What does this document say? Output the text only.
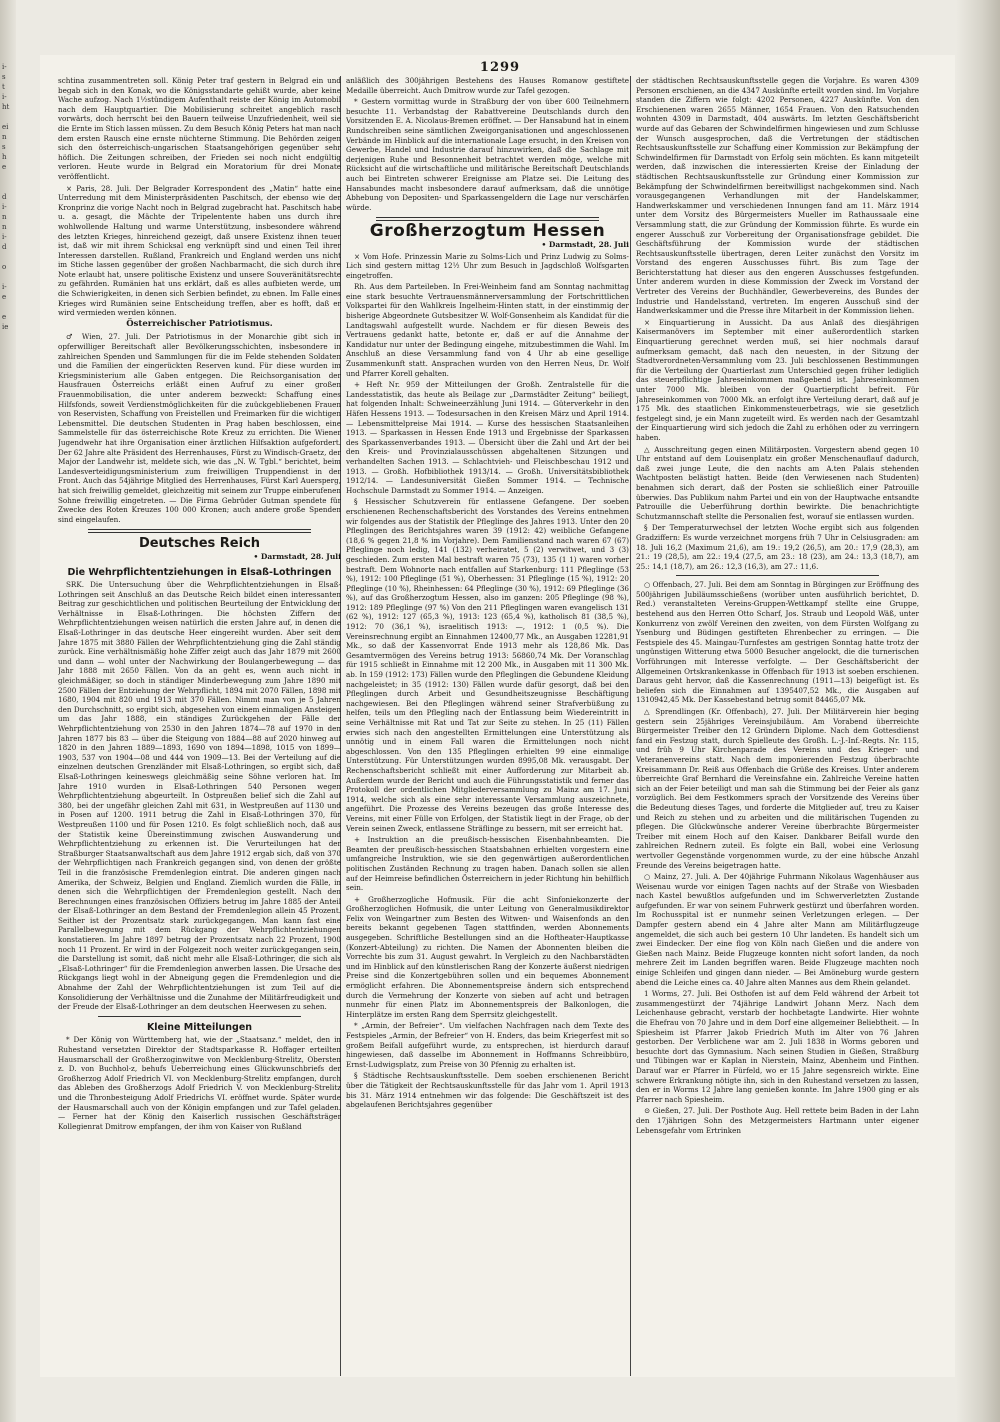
i-
s
t
i-
ht

ei
n
s
h
e

d
i-
n
n
i-
d

o

i-
e

e
ie
1299

schtina zusammentreten soll. König Peter traf gestern in Belgrad ein und begab sich in den Konak, wo die Königsstandarte gehißt wurde, aber keine Wache aufzog. Nach 1½stündigem Aufenthalt reiste der König im Automobil nach dem Hauptquartier. Die Mobilisierung schreitet angeblich rasch vorwärts, doch herrscht bei den Bauern teilweise Unzufriedenheit, weil sie die Ernte im Stich lassen müssen. Zu dem Besuch König Peters hat man nach dem ersten Rausch eine ernste nüchterne Stimmung. Die Behörden zeigen sich den österreichisch-ungarischen Staatsangehörigen gegenüber sehr höflich. Die Zeitungen schreiben, der Frieden sei noch nicht endgültig verloren. Heute wurde in Belgrad ein Moratorium für drei Monate veröffentlicht.

× Paris, 28. Juli. Der Belgrader Korrespondent des „Matin“ hatte eine Unterredung mit dem Ministerpräsidenten Paschitsch, der ebenso wie der Kronprinz die vorige Nacht noch in Belgrad zugebracht hat. Paschitsch habe u. a. gesagt, die Mächte der Tripelentente haben uns durch ihre wohlwollende Haltung und warme Unterstützung, insbesondere während des letzten Krieges, hinreichend gezeigt, daß unsere Existenz ihnen teuer ist, daß wir mit ihrem Schicksal eng verknüpft sind und einen Teil ihrer Interessen darstellen. Rußland, Frankreich und England werden uns nicht im Stiche lassen gegenüber der großen Nachbarmacht, die sich durch ihre Note erlaubt hat, unsere politische Existenz und unsere Souveränitätsrechte zu gefährden. Rumänien hat uns erklärt, daß es alles aufbieten werde, um die Schwierigkeiten, in denen sich Serbien befindet, zu ebnen. Im Falle eines Krieges wird Rumänien seine Entscheidung treffen, aber es hofft, daß er wird vermieden werden können.

Österreichischer Patriotismus.

♂ Wien, 27. Juli. Der Patriotismus in der Monarchie gibt sich in opferwilliger Bereitschaft aller Bevölkerungsschichten, insbesondere in zahlreichen Spenden und Sammlungen für die im Felde stehenden Soldaten und die Familien der eingerückten Reserven kund. Für diese wurden im Kriegsministerium alle Gaben entgegen. Die Reichsorganisation der Hausfrauen Österreichs erläßt einen Aufruf zu einer großen Frauenmobilisation, die unter anderem bezweckt: Schaffung eines Hilfsfonds, soweit Verdienstmöglichkeiten für die zuückgebliebenen Frauen von Reservisten, Schaffung von Freistellen und Freimarken für die wichtigen Lebensmittel. Die deutschen Studenten in Prag haben beschlossen, eine Sammelstelle für das österreichische Rote Kreuz zu errichten. Die Wiener Jugendwehr hat ihre Organisation einer ärztlichen Hilfsaktion aufgefordert. Der 62 Jahre alte Präsident des Herrenhauses, Fürst zu Windisch-Graetz, der Major der Landwehr ist, meldete sich, wie das „N. W. Tgbl.“ berichtet, beim Landesverteidigungsministerium zum freiwilligen Truppendienst in der Front. Auch das 54jährige Mitglied des Herrenhauses, Fürst Karl Auersperg, hat sich freiwillig gemeldet, gleichzeitig mit seinem zur Truppe einberufenen Sohne freiwillig eingetreten. — Die Firma Gebrüder Gutman spendete für Zwecke des Roten Kreuzes 100 000 Kronen; auch andere große Spenden sind eingelaufen.

Deutsches Reich
• Darmstadt, 28. Juli
Die Wehrpflichtentziehungen in Elsaß-Lothringen

SRK. Die Untersuchung über die Wehrpflichtentziehungen in Elsaß-Lothringen seit Anschluß an das Deutsche Reich bildet einen interessanten Beitrag zur geschichtlichen und politischen Beurteilung der Entwicklung der Verhältnisse in Elsaß-Lothringen. Die höchsten Ziffern der Wehrpflichtentziehungen weisen natürlich die ersten Jahre auf, in denen die Elsaß-Lothringer in das deutsche Heer eingereiht wurden. Aber seit dem Jahre 1875 mit 3880 Fällen der Wehrpflichtentziehung ging die Zahl ständig zurück. Eine verhältnismäßig hohe Ziffer zeigt auch das Jahr 1879 mit 2600 und dann — wohl unter der Nachwirkung der Boulangerbewegung — das Jahr 1888 mit 2650 Fällen. Von da an geht es, wenn auch nicht in gleichmäßiger, so doch in ständiger Minderbewegung zum Jahre 1890 mit 2500 Fällen der Entziehung der Wehrpflicht, 1894 mit 2070 Fällen, 1898 mit 1680, 1904 mit 820 und 1913 mit 370 Fällen. Nimmt man von je 5 Jahren den Durchschnitt, so ergibt sich, abgesehen von einem einmaligen Ansteigen um das Jahr 1888, ein ständiges Zurückgehen der Fälle der Wehrpflichtentziehung von 2530 in den Jahren 1874—78 auf 1970 in den Jahren 1877 bis 83 — über die Steigung von 1884—88 auf 2020 hinweg auf 1820 in den Jahren 1889—1893, 1690 von 1894—1898, 1015 von 1899—1903, 537 von 1904—08 und 444 von 1909—13. Bei der Verteilung auf die einzelnen deutschen Grenzländer mit Elsaß-Lothringen, so ergibt sich, daß Elsaß-Lothringen keineswegs gleichmäßig seine Söhne verloren hat. Im Jahre 1910 wurden in Elsaß-Lothringen 540 Personen wegen Wehrpflichtentziehung abgeurteilt. In Ostpreußen belief sich die Zahl auf 380, bei der ungefähr gleichen Zahl mit 631, in Westpreußen auf 1130 und in Posen auf 1200. 1911 betrug die Zahl in Elsaß-Lothringen 370, für Westpreußen 1100 und für Posen 1210. Es folgt schließlich noch, daß aus der Statistik keine Übereinstimmung zwischen Auswanderung und Wehrpflichtentziehung zu erkennen ist. Die Verurteilungen hat der Straßburger Staatsanwaltschaft aus dem Jahre 1912 ergab sich, daß von 370 der Wehrpflichtigen nach Frankreich gegangen sind, von denen der größte Teil in die französische Fremdenlegion eintrat. Die anderen gingen nach Amerika, der Schweiz, Belgien und England. Ziemlich wurden die Fälle, in denen sich die Wehrpflichtigen der Fremdenlegion gestellt. Nach den Berechnungen eines französischen Offiziers betrug im Jahre 1885 der Anteil der Elsaß-Lothringer an dem Bestand der Fremdenlegion allein 45 Prozent. Seither ist der Prozentsatz stark zurückgegangen. Man kann fast eine Parallelbewegung mit dem Rückgang der Wehrpflichtentziehungen konstatieren. Im Jahre 1897 betrug der Prozentsatz nach 22 Prozent, 1900 noch 11 Prozent. Er wird in der Folgezeit noch weiter zurückgegangen sein, die Darstellung ist somit, daß nicht mehr alle Elsaß-Lothringer, die sich als „Elsaß-Lothringer“ für die Fremdenlegion anwerben lassen. Die Ursache des Rückgangs liegt wohl in der Abneigung gegen die Fremdenlegion und die Abnahme der Zahl der Wehrpflichtentziehungen ist zum Teil auf die Konsolidierung der Verhältnisse und die Zunahme der Militärfreudigkeit und der Freude der Elsaß-Lothringer an dem deutschen Heerwesen zu sehen.

Kleine Mitteilungen

* Der König von Württemberg hat, wie der „Staatsanz.“ meldet, den in Ruhestand versetzten Direktor der Stadtsparkasse R. Hoffager erteilten Hausmarschall der Großherzoginwitwe von Mecklenburg-Strelitz, Obersten z. D. von Buchhol-z, behufs Ueberreichung eines Glückwunschbriefs der Großherzog Adolf Friedrich VI. von Mecklenburg-Strelitz empfangen, durch das Ableben des Großherzogs Adolf Friedrich V. von Mecklenburg-Strelitz und die Thronbesteigung Adolf Friedrichs VI. eröffnet wurde. Später wurde der Hausmarschall auch von der Königin empfangen und zur Tafel geladen. — Ferner hat der König den Kaiserlich russischen Geschäftsträger Kollegienrat Dmitrow empfangen, der ihm von Kaiser von Rußland

anläßlich des 300jährigen Bestehens des Hauses Romanow gestiftete Medaille überreicht. Auch Dmitrow wurde zur Tafel gezogen.

* Gestern vormittag wurde in Straßburg der von über 600 Teilnehmern besuchte 11. Verbandstag der Rabattvereine Deutschlands durch den Vorsitzenden E. A. Nicolaus-Bremen eröffnet. — Der Hansabund hat in einem Rundschreiben seine sämtlichen Zweigorganisationen und angeschlossenen Verbände im Hinblick auf die internationale Lage ersucht, in den Kreisen von Gewerbe, Handel und Industrie darauf hinzuwirken, daß die Sachlage mit derjenigen Ruhe und Besonnenheit betrachtet werden möge, welche mit Rücksicht auf die wirtschaftliche und militärische Bereitschaft Deutschlands auch bei Eintreten schwerer Ereignisse am Platze sei. Die Leitung des Hansabundes macht insbesondere darauf aufmerksam, daß die unnötige Abhebung von Depositen- und Sparkassengeldern die Lage nur verschärfen würde.

Großherzogtum Hessen
• Darmstadt, 28. Juli

× Vom Hofe. Prinzessin Marie zu Solms-Lich und Prinz Ludwig zu Solms-Lich sind gestern mittag 12½ Uhr zum Besuch in Jagdschloß Wolfsgarten eingetroffen.

Rh. Aus dem Parteileben. In Frei-Weinheim fand am Sonntag nachmittag eine stark besuchte Vertrauensmännerversammlung der Fortschrittlichen Volkspartei für den Wahlkreis Ingelheim-Hinten statt, in der einstimmig der bisherige Abgeordnete Gutsbesitzer W. Wolf-Gonsenheim als Kandidat für die Landtagswahl aufgestellt wurde. Nachdem er für diesen Beweis des Vertrauens gedankt hatte, betonte er, daß er auf die Annahme der Kandidatur nur unter der Bedingung eingehe, mitzubestimmen die Wahl. Im Anschluß an diese Versammlung fand von 4 Uhr ab eine gesellige Zusammenkunft statt. Ansprachen wurden von den Herren Neus, Dr. Wolf und Pfarrer Korell gehalten.

+ Heft Nr. 959 der Mitteilungen der Großh. Zentralstelle für die Landesstatistik, das heute als Beilage zur „Darmstädter Zeitung“ beiliegt, hat folgenden Inhalt: Schweineerzählung Juni 1914. — Güterverkehr in den Häfen Hessens 1913. — Todesursachen in den Kreisen März und April 1914. — Lebensmittelpreise Mai 1914. — Kurse des hessischen Staatsanleihen 1913. — Sparkassen in Hessen Ende 1913 und Ergebnisse der Sparkassen des Sparkassenverbandes 1913. — Übersicht über die Zahl und Art der bei den Kreis- und Provinzialausschüssen abgehaltenen Sitzungen und verhandelten Sachen 1913. — Schlachtvieh- und Fleischbeschau 1912 und 1913. — Großh. Hofbibliothek 1913/14. — Großh. Universitätsbibliothek 1912/14. — Landesuniversität Gießen Sommer 1914. — Technische Hochschule Darmstadt zu Sommer 1914. — Anzeigen.

§ Hessischer Schutzverein für entlassene Gefangene. Der soeben erschienenen Rechenschaftsbericht des Vorstandes des Vereins entnehmen wir folgendes aus der Statistik der Pfleglinge des Jahres 1913. Unter den 20 Pfleglingen des Berichtsjahres waren 39 (1912: 42) weibliche Gefangene (18,6 % gegen 21,8 % im Vorjahre). Dem Familienstand nach waren 67 (67) Pfleglinge noch ledig, 141 (132) verheiratet, 5 (2) verwitwet, und 3 (3) geschieden. Zum ersten Mal bestraft waren 75 (73), 135 (1 1) waren vorher bestraft. Dem Wohnorte nach entfallen auf Starkenburg: 111 Pfleglinge (53 %), 1912: 100 Pfleglinge (51 %), Oberhessen: 31 Pfleglinge (15 %), 1912: 20 Pfleglinge (10 %), Rheinhessen: 64 Pfleglinge (30 %), 1912: 69 Pfleglinge (36 %), auf das Großherzogtum Hessen, also im ganzen: 205 Pfleglinge (98 %), 1912: 189 Pfleglinge (97 %) Von den 211 Pfleglingen waren evangelisch 131 (62 %), 1912: 127 (65,3 %), 1913: 123 (65,4 %), katholisch 81 (38,5 %), 1912: 70 (36,1 %), israelitisch 1913: —, 1912: 1 (0,5 %). Die Vereinsrechnung ergibt an Einnahmen 12400,77 Mk., an Ausgaben 12281,91 Mk., so daß der Kassenvorrat Ende 1913 mehr als 128,86 Mk. Das Gesamtvermögen des Vereins betrug 1913: 56860,74 Mk. Der Voranschlag für 1915 schließt in Einnahme mit 12 200 Mk., in Ausgaben mit 11 300 Mk. ab. In 159 (1912: 173) Fällen wurde den Pfleglingen die Gebundene Kleidung nachgeleistet; in 35 (1912: 130) Fällen wurde dafür gesorgt, daß bei den Pfleglingen durch Arbeit und Gesundheitszeugnisse Beschäftigung nachgewiesen. Bei den Pfleglingen während seiner Strafverbüßung zu helfen, teils um den Pflegling nach der Entlassung beim Wiedereintritt in seine Verhältnisse mit Rat und Tat zur Seite zu stehen. In 25 (11) Fällen erwies sich nach den angestellten Ermittelungen eine Unterstützung als unnötig und in einem Fall waren die Ermittelungen noch nicht abgeschlossen. Von den 135 Pfleglingen erhielten 99 eine einmalige Unterstützung. Für Unterstützungen wurden 8995,08 Mk. verausgabt. Der Rechenschaftsbericht schließt mit einer Aufforderung zur Mitarbeit ab. Außerdem wurde der Bericht und auch die Führungsstatistik und ferner das Protokoll der ordentlichen Mitgliederversammlung zu Mainz am 17. Juni 1914, welche sich als eine sehr interessante Versammlung auszeichnete, angeführt. Die Prozesse des Vereins bezeugen das große Interesse des Vereins, mit einer Fülle von Erfolgen, der Statistik liegt in der Frage, ob der Verein seinen Zweck, entlassene Sträflinge zu bessern, mit ser erreicht hat.

+ Instruktion an die preußisch-hessischen Eisenbahnbeamten. Die Beamten der preußisch-hessischen Staatsbahnen erhielten vorgestern eine umfangreiche Instruktion, wie sie den gegenwärtigen außerordentlichen politischen Zuständen Rechnung zu tragen haben. Danach sollen sie allen auf der Heimreise befindlichen Österreichern in jeder Richtung hin behilflich sein.

+ Großherzogliche Hofmusik. Für die acht Sinfoniekonzerte der Großherzoglichen Hofmusik, die unter Leitung von Generalmusikdirektor Felix von Weingartner zum Besten des Witwen- und Waisenfonds an den bereits bekannt gegebenen Tagen stattfinden, werden Abonnements ausgegeben. Schriftliche Bestellungen sind an die Hoftheater-Hauptkasse (Konzert-Abteilung) zu richten. Die Namen der Abonnenten bleiben die Vorrechte bis zum 31. August gewahrt. In Vergleich zu den Nachbarstädten und im Hinblick auf den künstlerischen Rang der Konzerte äußerst niedrigen Preise sind die Konzertgebühren sollen und ein bequemes Abonnement ermöglicht erfahren. Die Abonnementspreise ändern sich entsprechend durch die Vermehrung der Konzerte von sieben auf acht und betragen nunmehr für einen Platz im Abonnementspreis der Balkonlogen, die Hinterplätze im ersten Rang dem Sperrsitz gleichgestellt.

* „Armin, der Befreier“. Um vielfachen Nachfragen nach dem Texte des Festspieles „Armin, der Befreier“ von H. Enders, das beim Kriegerfest mit so großem Beifall aufgeführt wurde, zu entsprechen, ist hierdurch darauf hingewiesen, daß dasselbe im Abonnement in Hoffmanns Schreibbüro, Ernst-Ludwigsplatz, zum Preise von 30 Pfennig zu erhalten ist.

§ Städtische Rechtsauskunftsstelle. Dem soeben erschienenen Bericht über die Tätigkeit der Rechtsauskunftsstelle für das Jahr vom 1. April 1913 bis 31. März 1914 entnehmen wir das folgende: Die Geschäftszeit ist des abgelaufenen Berichtsjahres gegenüber

der städtischen Rechtsauskunftsstelle gegen die Vorjahre. Es waren 4309 Personen erschienen, an die 4347 Auskünfte erteilt worden sind. Im Vorjahre standen die Ziffern wie folgt: 4202 Personen, 4227 Auskünfte. Von den Erschienenen waren 2655 Männer, 1654 Frauen. Von den Ratsuchenden wohnten 4309 in Darmstadt, 404 auswärts. Im letzten Geschäftsbericht wurde auf das Gebaren der Schwindelfirmen hingewiesen und zum Schlusse der Wunsch ausgesprochen, daß die Vertretungen der städtischen Rechtsauskunftsstelle zur Schaffung einer Kommission zur Bekämpfung der Schwindelfirmen für Darmstadt von Erfolg sein möchten. Es kann mitgeteilt werden, daß inzwischen die interessierten Kreise der Einladung der städtischen Rechtsauskunftsstelle zur Gründung einer Kommission zur Bekämpfung der Schwindelfirmen bereitwilligst nachgekommen sind. Nach vorausgegangenen Verhandlungen mit der Handelskammer, Handwerkskammer und verschiedenen Innungen fand am 11. März 1914 unter dem Vorsitz des Bürgermeisters Mueller im Rathaussaale eine Versammlung statt, die zur Gründung der Kommission führte. Es wurde ein engerer Ausschuß zur Vorbereitung der Organisationsfrage gebildet. Die Geschäftsführung der Kommission wurde der städtischen Rechtsauskunftsstelle übertragen, deren Leiter zunächst den Vorsitz im Vorstand des engeren Ausschusses führt. Bis zum Tage der Berichterstattung hat dieser aus den engeren Ausschusses festgefunden. Unter anderem wurden in diese Kommission der Zweck im Vorstand der Vertreter des Vereins der Buchhändler, Gewerbevereins, des Bundes der Industrie und Handelsstand, vertreten. Im engeren Ausschuß sind der Handwerkskammer und die Presse ihre Mitarbeit in der Kommission liehen.

× Einquartierung in Aussicht. Da aus Anlaß des diesjährigen Kaisermanövers im September mit einer außerordentlich starken Einquartierung gerechnet werden muß, sei hier nochmals darauf aufmerksam gemacht, daß nach den neuesten, in der Sitzung der Stadtverordneten-Versammlung vom 23. Juli beschlossenen Bestimmungen für die Verteilung der Quartierlast zum Unterschied gegen früher lediglich das steuerpflichtige Jahreseinkommen maßgebend ist. Jahreseinkommen unter 7000 Mk. bleiben von der Quartierpflicht befreit. Für Jahreseinkommen von 7000 Mk. an erfolgt ihre Verteilung derart, daß auf je 175 Mk. des staatlichen Einkommensteuerbetrags, wie sie gesetzlich festgelegt sind, je ein Mann zugeteilt wird. Es werden nach der Gesamtzahl der Einquartierung wird sich jedoch die Zahl zu erhöhen oder zu verringern haben.

△ Ausschreitung gegen einen Militärposten. Vorgestern abend gegen 10 Uhr entstand auf dem Louisenplatz ein großer Menschenauflauf dadurch, daß zwei junge Leute, die den nachts am A.ten Palais stehenden Wachtposten belästigt hatten. Beide (den Verwiesenen nach Studenten) benahmen sich derart, daß der Posten sie schließlich einer Patrouille überwies. Das Publikum nahm Partei und ein von der Hauptwache entsandte Patrouille die Ueberführung dorthin bewirkte. Die benachrichtigte Schutzmannschaft stellte die Personalien fest, worauf sie entlassen wurden.

§ Der Temperaturwechsel der letzten Woche ergibt sich aus folgenden Gradziffern: Es wurde verzeichnet morgens früh 7 Uhr in Celsiusgraden: am 18. Juli 16,2 (Maximum 21,6), am 19.: 19,2 (26,5), am 20.: 17,9 (28,3), am 21.: 19 (28,5), am 22.: 19,4 (27,5, am 23.: 18 (23), am 24.: 13,3 (18,7), am 25.: 14,1 (18,7), am 26.: 12,3 (16,3), am 27.: 11,6.

○ Offenbach, 27. Juli. Bei dem am Sonntag in Bürgingen zur Eröffnung des 500jährigen Jubiläumsschießens (worüber unten ausführlich berichtet, D. Red.) veranstalteten Vereins-Gruppen-Wettkampf stellte eine Gruppe, bestehend aus den Herren Otto Scharf, Jos. Straub und Leopold Wäß, unter Konkurrenz von zwölf Vereinen den zweiten, von dem Fürsten Wolfgang zu Ysenburg und Büdingen gestifteten Ehrenbecher zu erringen. — Die Festspiele des 45. Maingau-Turnfestes am gestrigen Sonntag hatte trotz der ungünstigen Witterung etwa 5000 Besucher angelockt, die die turnerischen Vorführungen mit Interesse verfolgte. — Der Geschäftsbericht der Allgemeinen Ortskrankenkasse in Offenbach für 1913 ist soeben erschienen. Daraus geht hervor, daß die Kassenrechnung (1911—13) beigefügt ist. Es beliefen sich die Einnahmen auf 1395407,52 Mk., die Ausgaben auf 1310942,45 Mk. Der Kassebestand betrug somit 84465,07 Mk.

△ Sprendlingen (Kr. Offenbach), 27. Juli. Der Militärverein hier beging gestern sein 25jähriges Vereinsjubiläum. Am Vorabend überreichte Bürgermeister Treiber den 12 Gründern Diplome. Nach dem Gottesdienst fand ein Festzug statt, durch Spielleute des Großh. L.-J.-Inf.-Regts. Nr. 115, und früh 9 Uhr Kirchenparade des Vereins und des Krieger- und Veteranenvereins statt. Nach dem imponierenden Festzug überbrachte Kreisammann Dr. Reiß aus Offenbach die Grüße des Kreises. Unter anderem überreichte Graf Bernhard die Vereinsfahne ein. Zahlreiche Vereine hatten sich an der Feier beteiligt und man sah die Stimmung bei der Feier als ganz vorzüglich. Bei dem Festkommers sprach der Vorsitzende des Vereins über die Bedeutung dieses Tages, und forderte die Mitglieder auf, treu zu Kaiser und Reich zu stehen und zu arbeiten und die militärischen Tugenden zu pflegen. Die Glückwünsche anderer Vereine überbrachte Bürgermeister Treiber mit einem Hoch auf den Kaiser. Dankbarer Beifall wurde den zahlreichen Rednern zuteil. Es folgte ein Ball, wobei eine Verlosung wertvoller Gegenstände vorgenommen wurde, zu der eine hübsche Anzahl Freunde des Vereins beigetragen hatte.

○ Mainz, 27. Juli. A. Der 40jährige Fuhrmann Nikolaus Wagenhäuser aus Weisenau wurde vor einigen Tagen nachts auf der Straße von Wiesbaden nach Kastel bewußtlos aufgefunden und im Schwerverletzten Zustande aufgefunden. Er war von seinem Fuhrwerk gestürzt und überfahren worden. Im Rochusspital ist er nunmehr seinen Verletzungen erlegen. — Der Dampfer gestern abend ein 4 Jahre alter Mann am Militärflugzeuge angemeldet, die sich auch bei gestern 10 Uhr landeten. Es handelt sich um zwei Eindecker. Der eine flog von Köln nach Gießen und die andere von Gießen nach Mainz. Beide Flugzeuge konnten nicht sofort landen, da noch mehrere Zeit im Landen begriffen waren. Beide Flugzeuge machten noch einige Schleifen und gingen dann nieder. — Bei Amöneburg wurde gestern abend die Leiche eines ca. 40 Jahre alten Mannes aus dem Rhein gelandet.

1 Worms, 27. Juli. Bei Osthofen ist auf dem Feld während der Arbeit tot zusammengestürzt der 74jährige Landwirt Johann Merz. Nach dem Leichenhause gebracht, verstarb der hochbetagte Landwirte. Hier wohnte die Ehefrau von 70 Jahre und in dem Dorf eine allgemeiner Beliebtheit. — In Spiesheim ist Pfarrer Jakob Friedrich Muth im Alter von 76 Jahren gestorben. Der Verblichene war am 2. Juli 1838 in Worms geboren und besuchte dort das Gymnasium. Nach seinen Studien in Gießen, Straßburg und Tübingen war er Kaplan in Nierstein, Mainz, Abenheim und Finthen. Darauf war er Pfarrer in Fürfeld, wo er 15 Jahre segensreich wirkte. Eine schwere Erkrankung nötigte ihn, sich in den Ruhestand versetzen zu lassen, den er in Worms 12 Jahre lang genießen konnte. Im Jahre 1900 ging er als Pfarrer nach Spiesheim.

⊙ Gießen, 27. Juli. Der Posthote Aug. Hell rettete beim Baden in der Lahn den 17jährigen Sohn des Metzgermeisters Hartmann unter eigener Lebensgefahr vom Ertrinken
